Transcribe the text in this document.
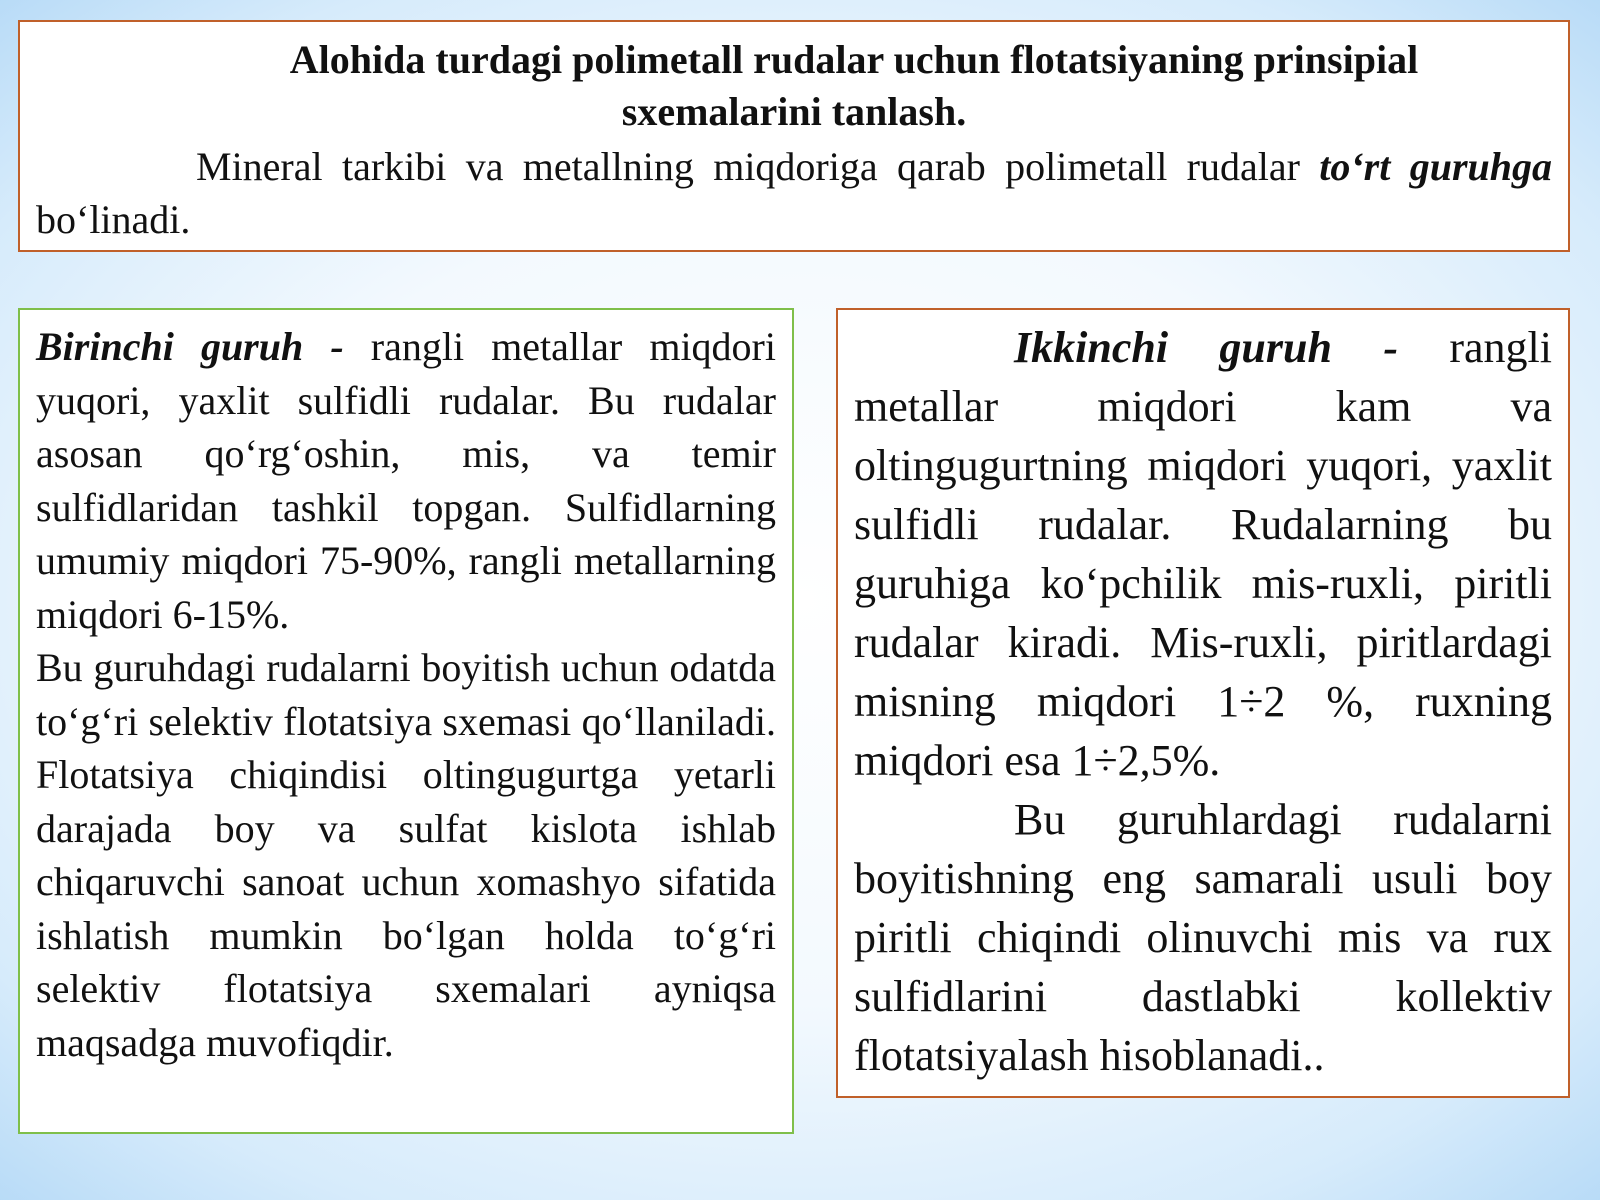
Alohida turdagi polimetall rudalar uchun flotatsiyaning prinsipial
sxemalarini tanlash.

Mineral tarkibi va metallning miqdoriga qarab polimetall rudalar to‘rt guruhga bo‘linadi.

Birinchi guruh - rangli metallar miqdori yuqori, yaxlit sulfidli rudalar. Bu rudalar asosan qo‘rg‘oshin, mis, va temir sulfidlaridan tashkil topgan. Sulfidlarning umumiy miqdori 75-90%, rangli metallarning miqdori 6-15%.

Bu guruhdagi rudalarni boyitish uchun odatda to‘g‘ri selektiv flotatsiya sxemasi qo‘llaniladi. Flotatsiya chiqindisi oltingugurtga yetarli darajada boy va sulfat kislota ishlab chiqaruvchi sanoat uchun xomashyo sifatida ishlatish mumkin bo‘lgan holda to‘g‘ri selektiv flotatsiya sxemalari ayniqsa maqsadga muvofiqdir.

Ikkinchi guruh - rangli metallar miqdori kam va oltingugurtning miqdori yuqori, yaxlit sulfidli rudalar. Rudalarning bu guruhiga ko‘pchilik mis-ruxli, piritli rudalar kiradi. Mis-ruxli, piritlardagi misning miqdori 1÷2 %, ruxning miqdori esa 1÷2,5%.

Bu guruhlardagi rudalarni boyitishning eng samarali usuli boy piritli chiqindi olinuvchi mis va rux sulfidlarini dastlabki kollektiv flotatsiyalash hisoblanadi..
